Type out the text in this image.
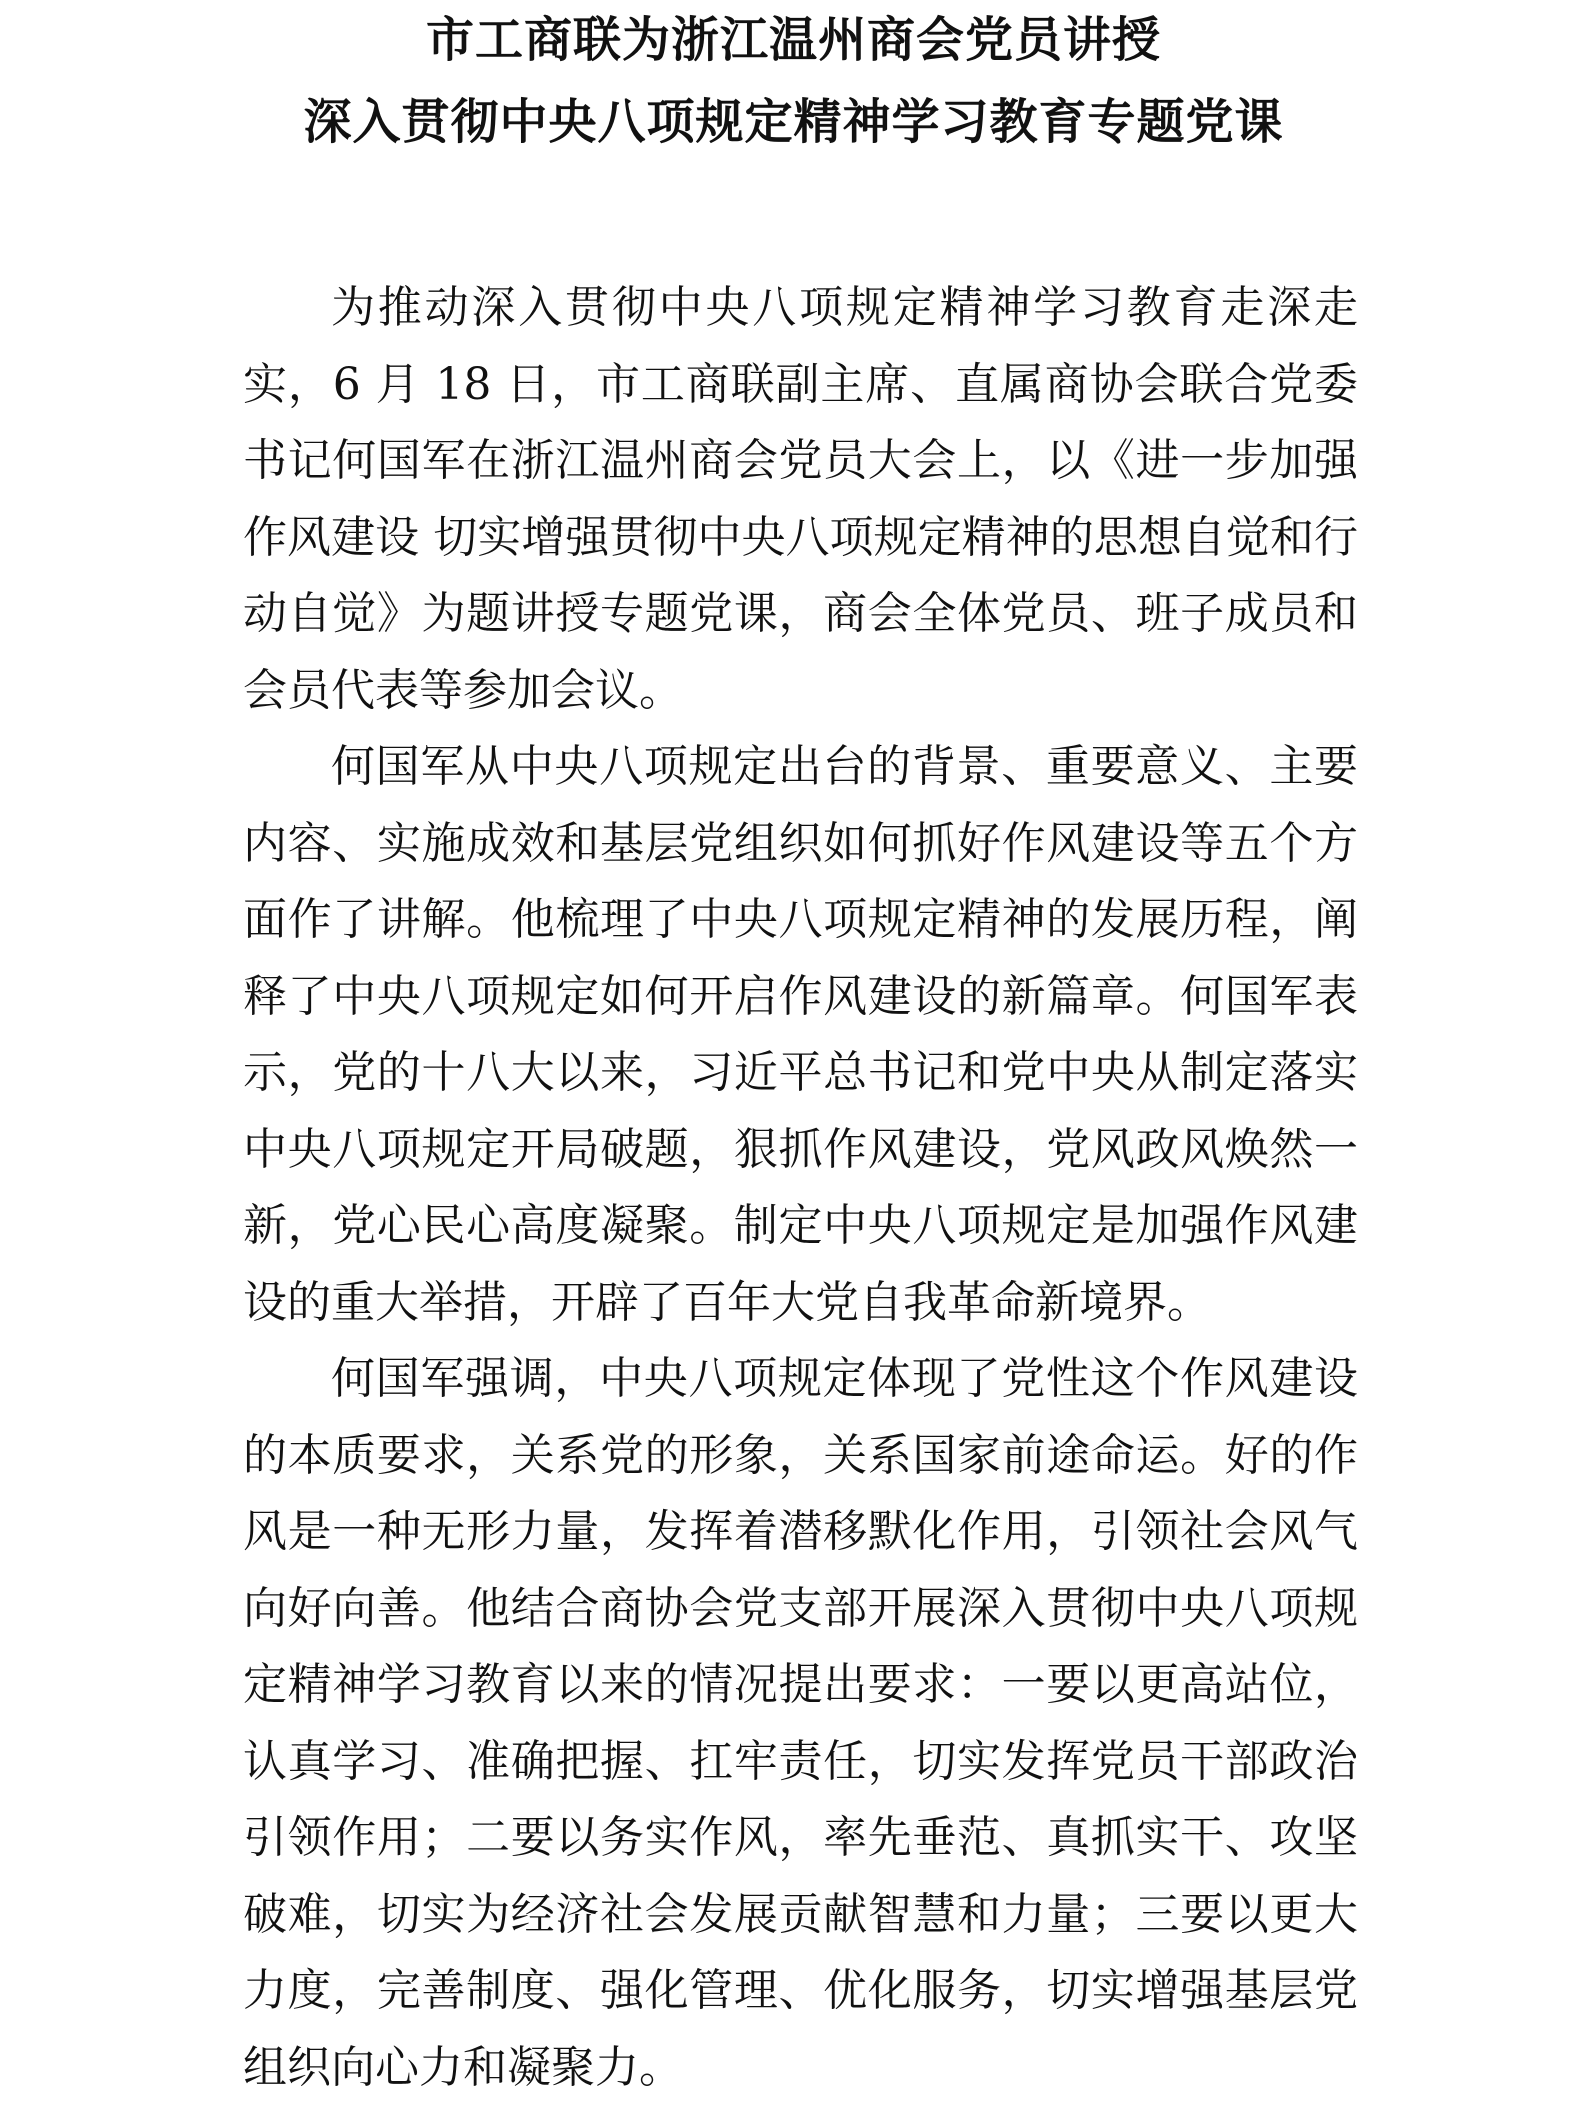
市工商联为浙江温州商会党员讲授
深入贯彻中央八项规定精神学习教育专题党课

为推动深入贯彻中央八项规定精神学习教育走深走实，6 月 18 日，市工商联副主席、直属商协会联合党委书记何国军在浙江温州商会党员大会上，以《进一步加强作风建设 切实增强贯彻中央八项规定精神的思想自觉和行动自觉》为题讲授专题党课，商会全体党员、班子成员和会员代表等参加会议。

何国军从中央八项规定出台的背景、重要意义、主要内容、实施成效和基层党组织如何抓好作风建设等五个方面作了讲解。他梳理了中央八项规定精神的发展历程，阐释了中央八项规定如何开启作风建设的新篇章。何国军表示，党的十八大以来，习近平总书记和党中央从制定落实中央八项规定开局破题，狠抓作风建设，党风政风焕然一新，党心民心高度凝聚。制定中央八项规定是加强作风建设的重大举措，开辟了百年大党自我革命新境界。

何国军强调，中央八项规定体现了党性这个作风建设的本质要求，关系党的形象，关系国家前途命运。好的作风是一种无形力量，发挥着潜移默化作用，引领社会风气向好向善。他结合商协会党支部开展深入贯彻中央八项规定精神学习教育以来的情况提出要求：一要以更高站位，认真学习、准确把握、扛牢责任，切实发挥党员干部政治引领作用；二要以务实作风，率先垂范、真抓实干、攻坚破难，切实为经济社会发展贡献智慧和力量；三要以更大力度，完善制度、强化管理、优化服务，切实增强基层党组织向心力和凝聚力。
